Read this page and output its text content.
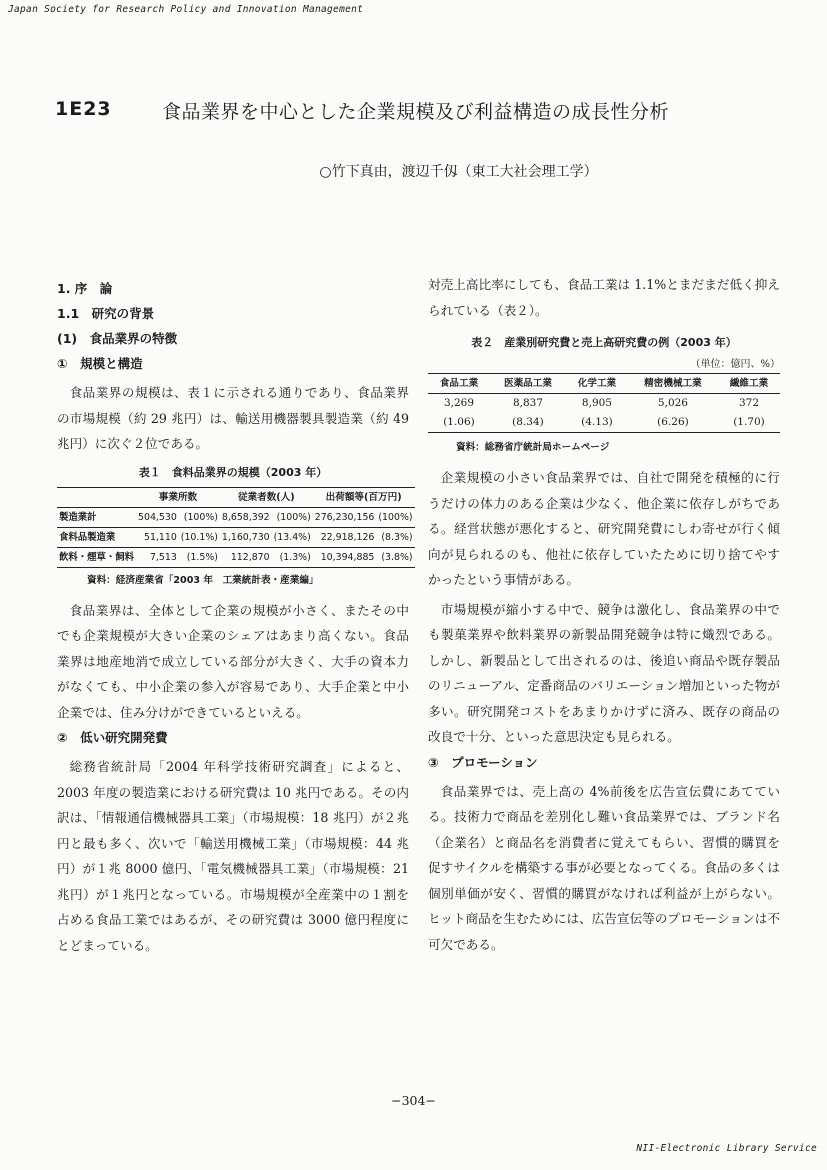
Japan Society for Research Policy and Innovation Management
1E23	食品業界を中心とした企業規模及び利益構造の成長性分析
○竹下真由，渡辺千仭（東工大社会理工学）
1. 序　論
1.1　研究の背景
(1)　食品業界の特徴
①　規模と構造

食品業界の規模は、表１に示される通りであり、食品業界の市場規模（約 29 兆円）は、輸送用機器製具製造業（約 49 兆円）に次ぐ２位である。

表１　食料品業界の規模（2003 年）
	事業所数		従業者数(人)		出荷額等(百万円)	
製造業計	504,530	(100%)	8,658,392	(100%)	276,230,156	(100%)
食料品製造業	51,110	(10.1%)	1,160,730	(13.4%)	22,918,126	(8.3%)
飲料・煙草・飼料	7,513	(1.5%)	112,870	(1.3%)	10,394,885	(3.8%)
資料：経済産業省「2003 年　工業統計表・産業編」

食品業界は、全体として企業の規模が小さく、またその中でも企業規模が大きい企業のシェアはあまり高くない。食品業界は地産地消で成立している部分が大きく、大手の資本力がなくても、中小企業の参入が容易であり、大手企業と中小企業では、住み分けができているといえる。

②　低い研究開発費

総務省統計局「2004 年科学技術研究調査」によると、2003 年度の製造業における研究費は 10 兆円である。その内訳は、「情報通信機械器具工業」（市場規模：18 兆円）が２兆円と最も多く、次いで「輸送用機械工業」（市場規模：44 兆円）が１兆 8000 億円、「電気機械器具工業」（市場規模：21 兆円）が１兆円となっている。市場規模が全産業中の１割を占める食品工業ではあるが、その研究費は 3000 億円程度にとどまっている。

対売上高比率にしても、食品工業は 1.1%とまだまだ低く抑えられている（表２）。

表２　産業別研究費と売上高研究費の例（2003 年）
（単位：億円、%）
食品工業	医薬品工業	化学工業	精密機械工業	繊維工業
3,269	8,837	8,905	5,026	372
(1.06)	(8.34)	(4.13)	(6.26)	(1.70)
資料：総務省庁統計局ホームページ

企業規模の小さい食品業界では、自社で開発を積極的に行うだけの体力のある企業は少なく、他企業に依存しがちである。経営状態が悪化すると、研究開発費にしわ寄せが行く傾向が見られるのも、他社に依存していたために切り捨てやすかったという事情がある。

市場規模が縮小する中で、競争は激化し、食品業界の中でも製菓業界や飲料業界の新製品開発競争は特に熾烈である。しかし、新製品として出されるのは、後追い商品や既存製品のリニューアル、定番商品のバリエーション増加といった物が多い。研究開発コストをあまりかけずに済み、既存の商品の改良で十分、といった意思決定も見られる。

③　プロモーション

食品業界では、売上高の 4%前後を広告宣伝費にあてている。技術力で商品を差別化し難い食品業界では、ブランド名（企業名）と商品名を消費者に覚えてもらい、習慣的購買を促すサイクルを構築する事が必要となってくる。食品の多くは個別単価が安く、習慣的購買がなければ利益が上がらない。ヒット商品を生むためには、広告宣伝等のプロモーションは不可欠である。

−304−
NII-Electronic Library Service
